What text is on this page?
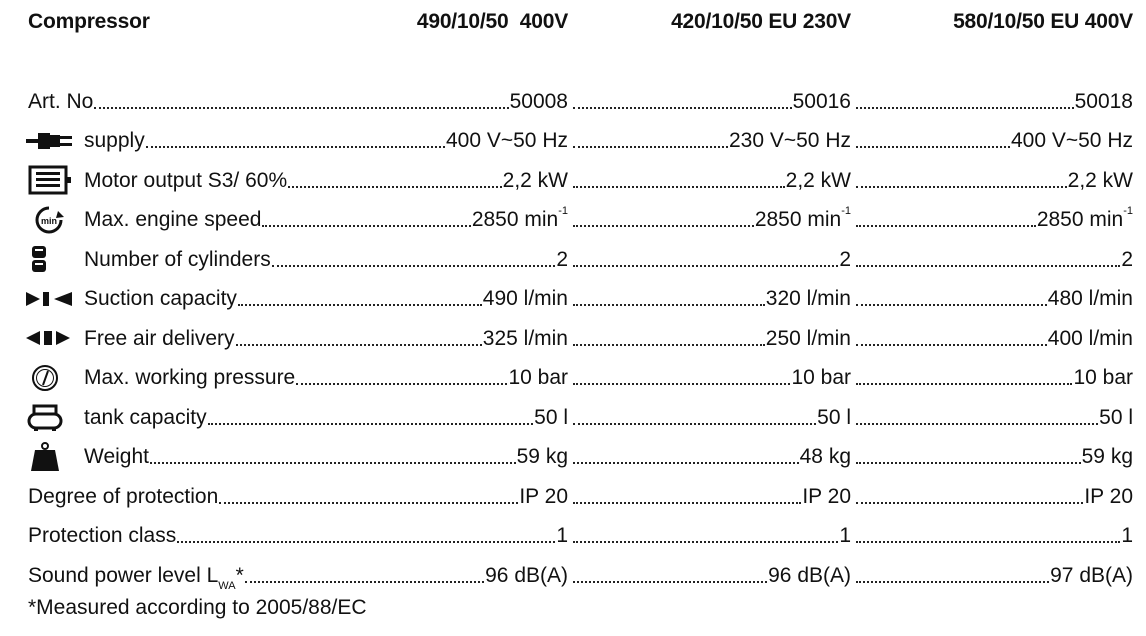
Compressor	490/10/50  400V	420/10/50 EU 230V	580/10/50 EU 400V
Art. No	50008	50016	50018
supply	400 V~50 Hz	230 V~50 Hz	400 V~50 Hz
Motor output S3/ 60%	2,2 kW	2,2 kW	2,2 kW
min Max. engine speed	2850 $\min^{-1}$	2850 $\min^{-1}$	2850 $\min^{-1}$
Number of cylinders	2	2	2
Suction capacity	490 l/min	320 l/min	480 l/min
Free air delivery	325 l/min	250 l/min	400 l/min
Max. working pressure	10 bar	10 bar	10 bar
tank capacity	50 l	50 l	50 l
Weight	59 kg	48 kg	59 kg
Degree of protection	IP 20	IP 20	IP 20
Protection class	1	1	1
Sound power level $L_{WA}*$	96 dB(A)	96 dB(A)	97 dB(A)
*Measured according to 2005/88/EC
